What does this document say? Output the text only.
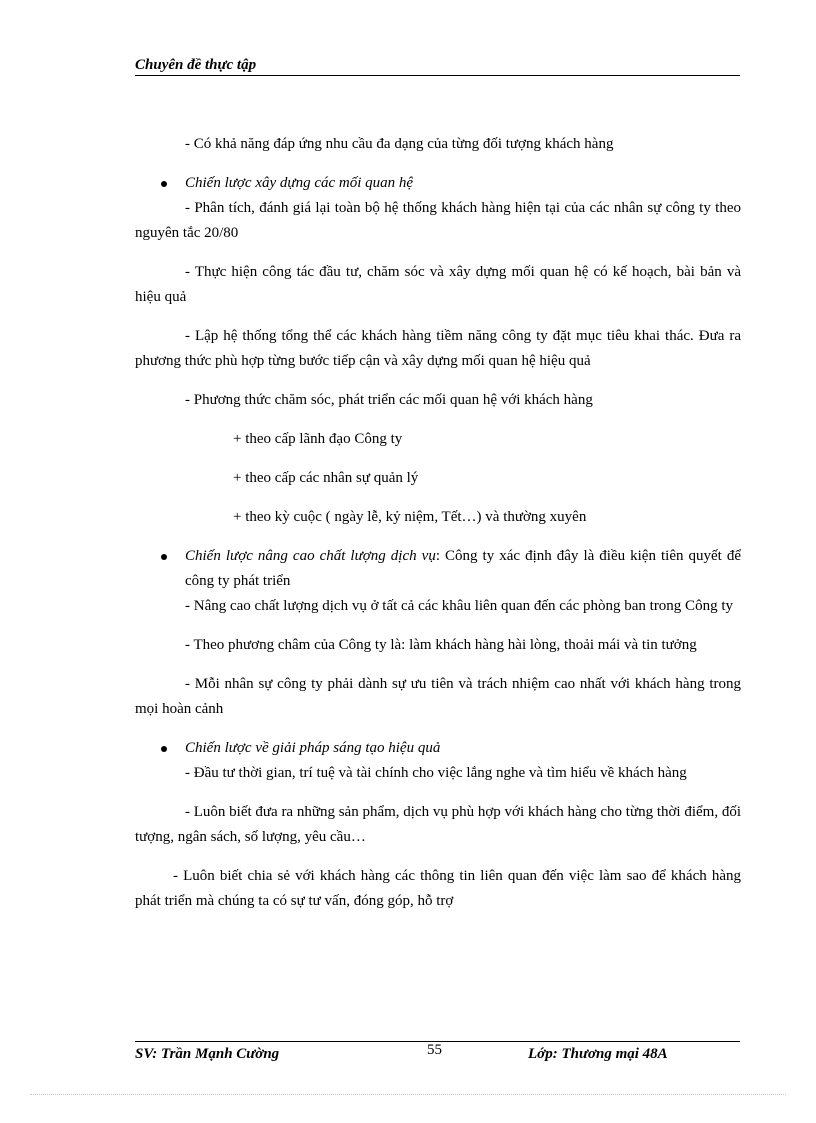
Chuyên đề thực tập

- Có khả năng đáp ứng nhu cầu đa dạng của từng đối tượng khách hàng

Chiến lược xây dựng các mối quan hệ

- Phân tích, đánh giá lại toàn bộ hệ thống khách hàng hiện tại của các nhân sự công ty theo nguyên tắc 20/80

- Thực hiện công tác đầu tư, chăm sóc và xây dựng mối quan hệ có kế hoạch, bài bản và hiệu quả

- Lập hệ thống tổng thể các khách hàng tiềm năng công ty đặt mục tiêu khai thác. Đưa ra phương thức phù hợp từng bước tiếp cận và xây dựng mối quan hệ hiệu quả

- Phương thức chăm sóc, phát triển các mối quan hệ với khách hàng

+ theo cấp lãnh đạo Công ty

+ theo cấp các nhân sự quản lý

+ theo kỳ cuộc ( ngày lễ, kỷ niệm, Tết…) và thường xuyên

Chiến lược nâng cao chất lượng dịch vụ: Công ty xác định đây là điều kiện tiên quyết để công ty phát triển

- Nâng cao chất lượng dịch vụ ở tất cả các khâu liên quan đến các phòng ban trong Công ty

- Theo phương châm của Công ty là: làm khách hàng hài lòng, thoải mái và tin tưởng

- Mỗi nhân sự công ty phải dành sự ưu tiên và trách nhiệm cao nhất với khách hàng trong mọi hoàn cảnh

Chiến lược về giải pháp sáng tạo hiệu quả

- Đầu tư thời gian, trí tuệ và tài chính cho việc lắng nghe và tìm hiểu về khách hàng

- Luôn biết đưa ra những sản phẩm, dịch vụ phù hợp với khách hàng cho từng thời điểm, đối tượng, ngân sách, số lượng, yêu cầu…

- Luôn biết chia sẻ với khách hàng các thông tin liên quan đến việc làm sao để khách hàng phát triển mà chúng ta có sự tư vấn, đóng góp, hỗ trợ

SV: Trần Mạnh Cường	55	Lớp: Thương mại 48A
